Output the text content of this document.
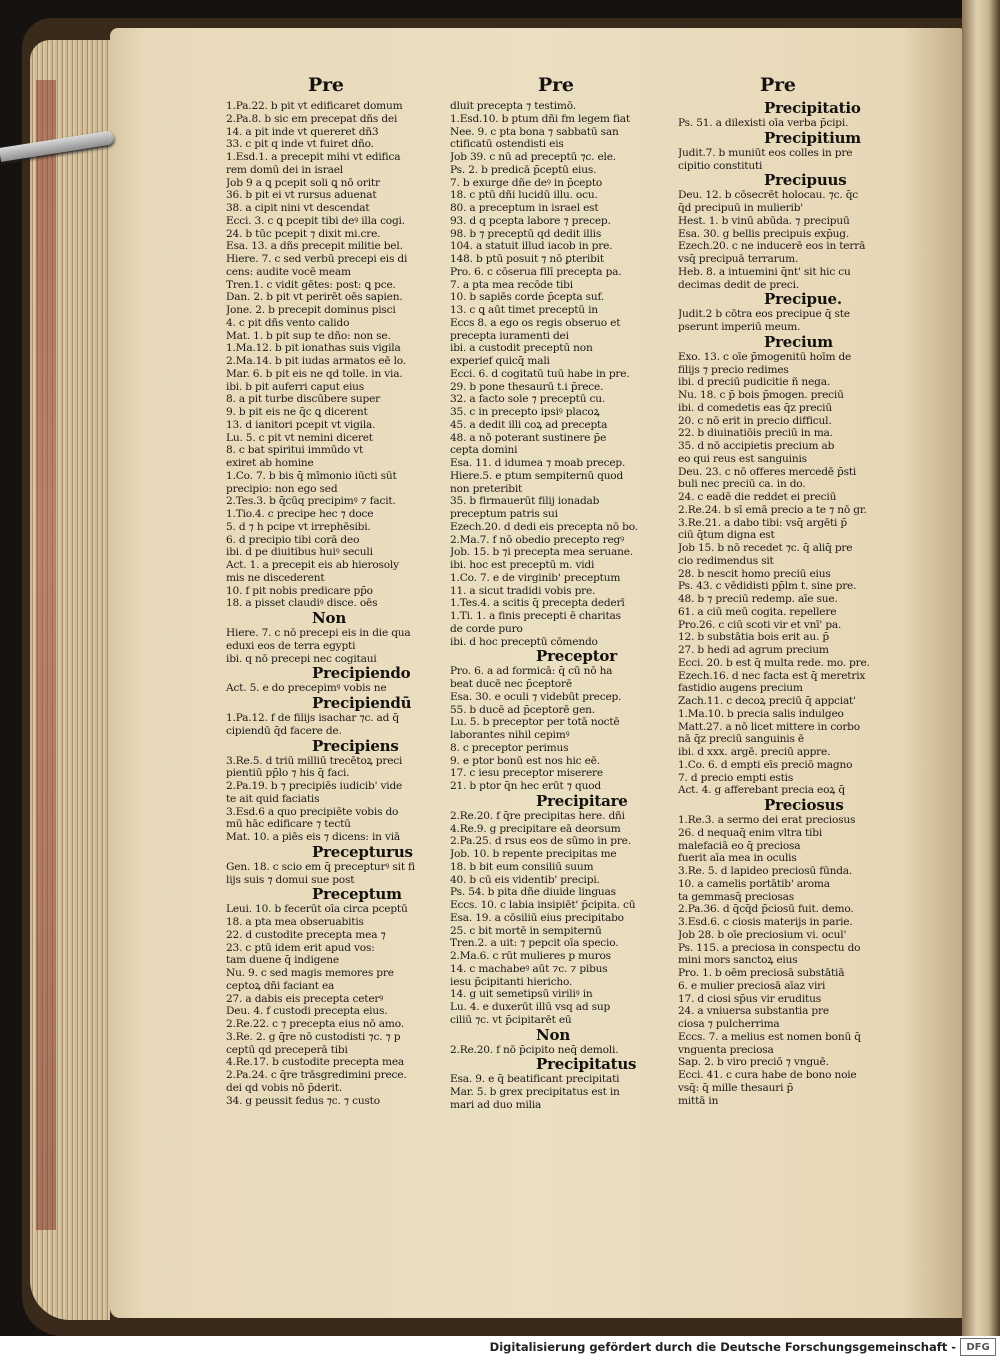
Pre
1.Pa.22. b pit vt edificaret domum
2.Pa.8. b sic em precepat dñs dei
14. a pit inde vt quereret dñ3
33. c pit q inde vt fuiret dño.
1.Esd.1. a precepit mihi vt edifica
rem domū dei in israel
Job 9 a ꝗ pcepit soli ꝗ nō oritr
36. b pit ei vt rursus aduenat
38. a cipit nini vt descendat
Ecci. 3. c ꝗ pcepit tibi deꝰ illa cogi.
24. b tūc pcepit ⁊ dixit mi.cre.
Esa. 13. a dñs precepit militie bel.
Hiere. 7. c sed verbū precepi eis di
cens: audite vocē meam
Tren.1. c vidit gētes: post: ꝗ pce.
Dan. 2. b pit vt perirēt oēs sapien.
Jone. 2. b precepit dominus pisci
4. c pit dñs vento calido
Mat. 1. b pit sup te dño: non se.
1.Ma.12. b pit ionathas suis vigila
2.Ma.14. b pit iudas armatos eē lo.
Mar. 6. b pit eis ne qd tolle. in via.
ibi. b pit auferri caput eius
8. a pit turbe discūbere super
9. b pit eis ne q̄c ꝗ dicerent
13. d ianitori pcepit vt vigila.
Lu. 5. c pit vt nemini diceret
8. c bat spiritui immūdo vt
exiret ab homine
1.Co. 7. b bis q̄ mīmonio iūcti sūt
precipio: non ego sed
2.Tes.3. b q̄cūq precipimꝰ ⁊ facit.
1.Tio.4. c precipe hec ⁊ doce
5. d ⁊ h pcipe vt irrephēsibi.
6. d precipio tibi corā deo
ibi. d pe diuitibus huiꝰ seculi
Act. 1. a precepit eis ab hierosoly
mis ne discederent
10. f pit nobis predicare pp̄o
18. a pisset claudiꝰ disce. oēs
Non
Hiere. 7. c nō precepi eis in die qua
eduxi eos de terra egypti
ibi. q nō precepi nec cogitaui
Precipiendo
Act. 5. e do precepimꝰ vobis ne
Precipiendū
1.Pa.12. f de filijs isachar ⁊c. ad q̄
cipiendū q̄d facere de.
Precipiens
3.Re.5. d triū milliū trecētoꝝ preci
pientiū pp̄lo ⁊ his q̄ faci.
2.Pa.19. b ⁊ precipiēs iudicib' vide
te ait quid faciatis
3.Esd.6 a quo precipiēte vobis do
mū hāc edificare ⁊ tectū
Mat. 10. a piēs eis ⁊ dicens: in viā
Precepturus
Gen. 18. c scio em q̄ precepturꝰ sit fi
lijs suis ⁊ domui sue post
Preceptum
Leui. 10. b fecerūt oīa circa pceptū
18. a pta mea obseruabitis
22. d custodite precepta mea ⁊
23. c ptū idem erit apud vos:
tam duene q̄ indigene
Nu. 9. c sed magis memores pre
ceptoꝝ dñi faciant ea
27. a dabis eis precepta ceterꝰ
Deu. 4. f custodi precepta eius.
2.Re.22. c ⁊ precepta eius nō amo.
3.Re. 2. g q̄re nō custodisti ⁊c. ⁊ p
ceptū qd̄ preceperā tibi
4.Re.17. b custodite precepta mea
2.Pa.24. c q̄re trāsgredimini prece.
dei qd̄ vobis nō p̄derit.
34. g peussit fedus ⁊c. ⁊ custo
Pre
dluit precepta ⁊ testimō.
1.Esd.10. b ptum dñi fm legem fiat
Nee. 9. c pta bona ⁊ sabbatū san
ctificatū ostendisti eis
Job 39. c nū ad preceptū ⁊c. ele.
Ps. 2. b predicā p̄ceptū eius.
7. b exurge dñe deꝰ in p̄cepto
18. c ptū dñi lucidū illu. ocu.
80. a preceptum in israel est
93. d q pcepta labore ⁊ precep.
98. b ⁊ preceptū qd̄ dedit illis
104. a statuit illud iacob in pre.
148. b ptū posuit ⁊ nō ꝑteribit
Pro. 6. c cōserua filī precepta pa.
7. a pta mea recōde tibi
10. b sapiēs corde p̄cepta suf.
13. c ꝗ aūt timet preceptū in
Eccs 8. a ego os regis obseruo et
precepta iuramenti dei
ibi. a custodit preceptū non
experief quicq̄ mali
Ecci. 6. d cogitatū tuū habe in pre.
29. b pone thesaurū t.i p̄rece.
32. a facto sole ⁊ preceptū cu.
35. c in precepto ipsiꝰ placoꝝ
45. a dedit illi coꝝ ad precepta
48. a nō poterant sustinere p̄e
cepta domini
Esa. 11. d idumea ⁊ moab precep.
Hiere.5. e ptum sempiternū quod
non preteribit
35. b firmauerūt filij ionadab
preceptum patris sui
Ezech.20. d dedi eis precepta nō bo.
2.Ma.7. f nō obedio precepto regꝰ
Job. 15. b ⁊i precepta mea seruane.
ibi. hoc est preceptū m. vidi
1.Co. 7. e de virginib' preceptum
11. a sicut tradidi vobis pre.
1.Tes.4. a scitis q̄ precepta dederī
1.Ti. 1. a finis precepti ē charitas
de corde puro
ibi. d hoc preceptū cōmendo
Preceptor
Pro. 6. a ad formicā: q̄ cū nō ha
beat ducē nec p̄ceptorē
Esa. 30. e oculi ⁊ videbūt precep.
55. b ducē ad p̄ceptorē gen.
Lu. 5. b preceptor per totā noctē
laborantes nihil cepimꝰ
8. c preceptor perimus
9. e ptor bonū est nos hic eē.
17. c iesu preceptor miserere
21. b ptor q̄n hec erūt ⁊ quod
Precipitare
2.Re.20. f q̄re precipitas here. dñi
4.Re.9. g precipitare eā deorsum
2.Pa.25. d rsus eos de sūmo in pre.
Job. 10. b repente precipitas me
18. b bit eum consiliū suum
40. b cū eis videntib' precipi.
Ps. 54. b pita dñe diuide linguas
Eccs. 10. c labia insipiēt' p̄cipita. cū
Esa. 19. a cōsiliū eius precipitabo
25. c bit mortē in sempiternū
Tren.2. a uit: ⁊ pepcit oīa specio.
2.Ma.6. c rūt mulieres p muros
14. c machabeꝰ aūt ⁊c. ⁊ pibus
iesu p̄cipitanti hiericho.
14. g uit semetipsū viriliꝰ in
Lu. 4. e duxerūt illū vsq ad sup
ciliū ⁊c. vt p̄cipitarēt eū
Non
2.Re.20. f nō p̄cipito neq̄ demoli.
Precipitatus
Esa. 9. e q̄ beatificant precipitati
Mar. 5. b grex precipitatus est in
mari ad duo milia
Pre
Precipitatio
Ps. 51. a dilexisti oīa verba p̄cipi.
Precipitium
Judit.7. b muniūt eos colles in pre
cipitio constituti
Precipuus
Deu. 12. b cōsecrēt holocau. ⁊c. q̄c
q̄d precipuū in mulierib'
Hest. 1. b vinū abūda. ⁊ precipuū
Esa. 30. g bellis precipuis exp̄ug.
Ezech.20. c ne inducerē eos in terrā
vsq̄ precipuā terrarum.
Heb. 8. a intuemini q̄nt' sit hic cu
decimas dedit de preci.
Precipue.
Judit.2 b cōtra eos precipue q̄ ste
pserunt imperiū meum.
Precium
Exo. 13. c oīe p̄mogenitū hoīm de
filijs ⁊ precio redimes
ibi. d preciū pudicitie ñ nega.
Nu. 18. c p̄ bois p̄mogen. preciū
ibi. d comedetis eas q̄z preciū
20. c nō erit in precio difficul.
22. b diuinatiōis preciū in ma.
35. d nō accipietis precium ab
eo qui reus est sanguinis
Deu. 23. c nō offeres mercedē p̄sti
buli nec preciū ca. in do.
24. c eadē die reddet ei preciū
2.Re.24. b sī emā precio a te ⁊ nō gr.
3.Re.21. a dabo tibi: vsq̄ argēti p̄
ciū q̄tum digna est
Job 15. b nō recedet ⁊c. q̄ aliq̄ pre
cio redimendus sit
28. b nescit homo preciū eius
Ps. 43. c vēdidisti pp̄lm t. sine pre.
48. b ⁊ preciū redemp. aīe sue.
61. a ciū meū cogita. repellere
Pro.26. c ciū scoti vir et vnī' pa.
12. b substātia bois erit au. p̄
27. b hedi ad agrum precium
Ecci. 20. b est q̄ multa rede. mo. pre.
Ezech.16. d nec facta est q̄ meretrix
fastidio augens precium
Zach.11. c decoꝝ preciū q̄ appciat'
1.Ma.10. b precia salis indulgeo
Matt.27. a nō licet mittere in corbo
nā q̄z preciū sanguinis ē
ibi. d xxx. argē. preciū appre.
1.Co. 6. d empti eīs preciō magno
7. d precio empti estis
Act. 4. g afferebant precia eoꝝ q̄
Preciosus
1.Re.3. a sermo dei erat preciosus
26. d nequaq̄ enim vltra tibi
malefaciā eo q̄ preciosa
fuerit aīa mea in oculis
3.Re. 5. d lapideo preciosū fūnda.
10. a camelis portātib' aroma
ta gemmasq̄ preciosas
2.Pa.36. d q̄cq̄d p̄ciosū fuit. demo.
3.Esd.6. c ciosis materijs in parie.
Job 28. b oīe preciosium vi. ocul'
Ps. 115. a preciosa in conspectu do
mini mors sanctoꝝ eius
Pro. 1. b oēm preciosā substātiā
6. e mulier preciosā aīaz viri
17. d ciosi sp̄us vir eruditus
24. a vniuersa substantia pre
ciosa ⁊ pulcherrima
Eccs. 7. a melius est nomen bonū q̄
vnguenta preciosa
Sap. 2. b viro preciō ⁊ vnguē.
Ecci. 41. c cura habe de bono noie
vsq̄: q̄ mille thesauri p̄
mittā in
Digitalisierung gefördert durch die Deutsche Forschungsgemeinschaft -	DFG
